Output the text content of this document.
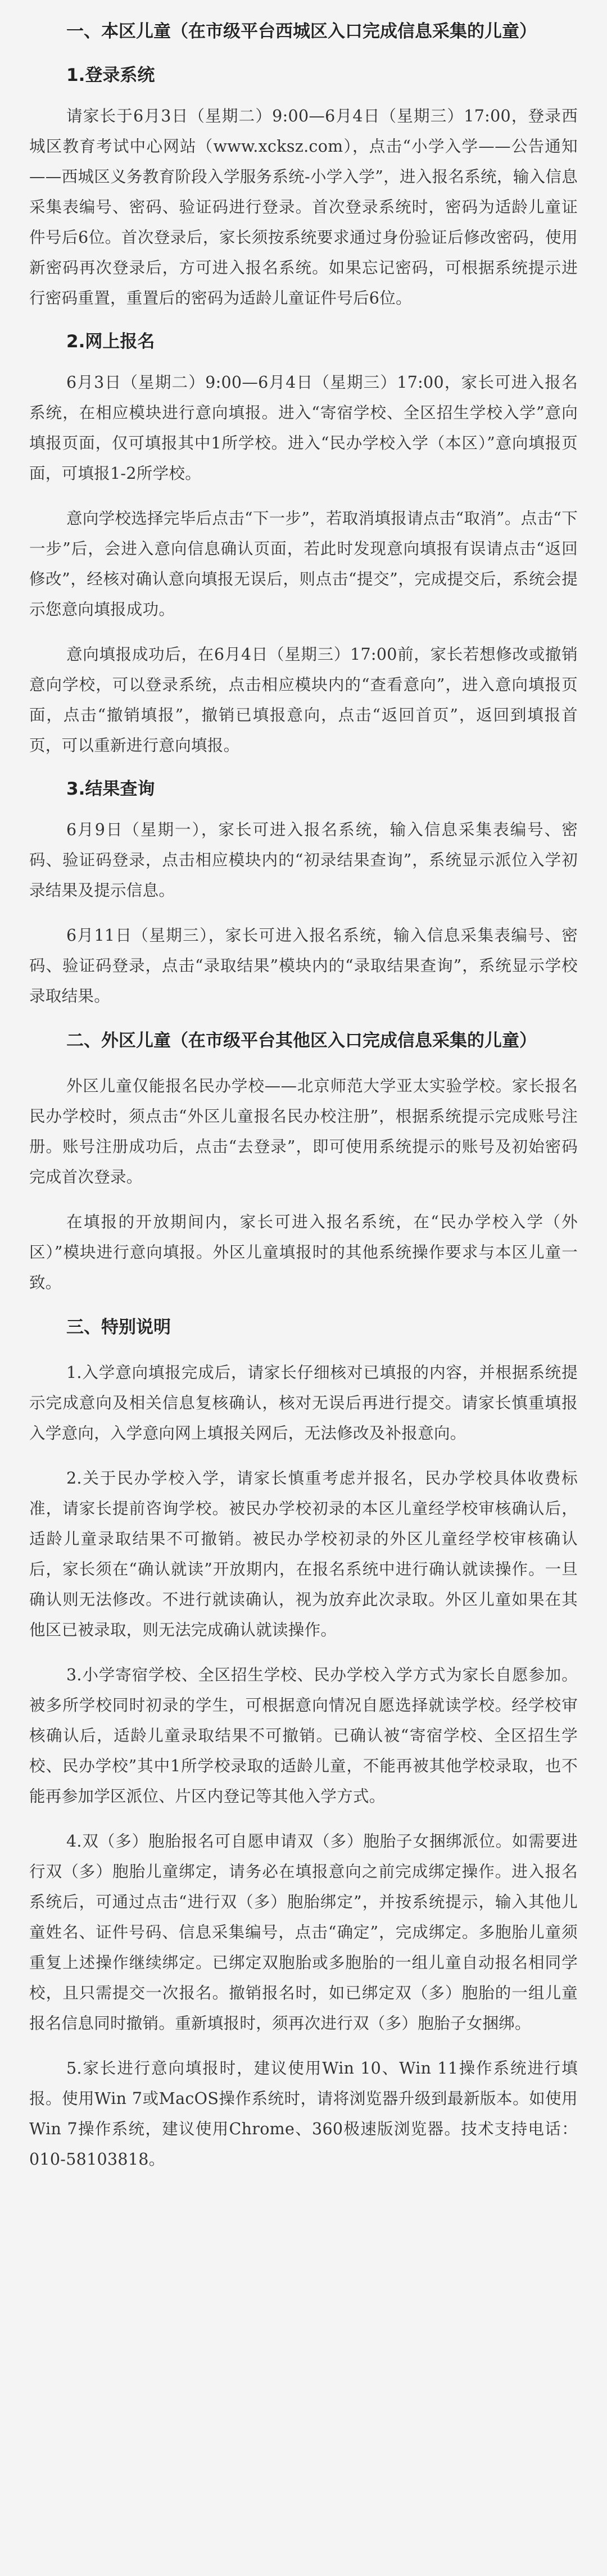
一、本区儿童（在市级平台西城区入口完成信息采集的儿童）
1.登录系统

请家长于6月3日（星期二）9:00—6月4日（星期三）17:00，登录西城区教育考试中心网站（www.xcksz.com），点击“小学入学——公告通知——西城区义务教育阶段入学服务系统-小学入学”，进入报名系统，输入信息采集表编号、密码、验证码进行登录。首次登录系统时，密码为适龄儿童证件号后6位。首次登录后，家长须按系统要求通过身份验证后修改密码，使用新密码再次登录后，方可进入报名系统。如果忘记密码，可根据系统提示进行密码重置，重置后的密码为适龄儿童证件号后6位。

2.网上报名

6月3日（星期二）9:00—6月4日（星期三）17:00，家长可进入报名系统，在相应模块进行意向填报。进入“寄宿学校、全区招生学校入学”意向填报页面，仅可填报其中1所学校。进入“民办学校入学（本区）”意向填报页面，可填报1-2所学校。

意向学校选择完毕后点击“下一步”，若取消填报请点击“取消”。点击“下一步”后，会进入意向信息确认页面，若此时发现意向填报有误请点击“返回修改”，经核对确认意向填报无误后，则点击“提交”，完成提交后，系统会提示您意向填报成功。

意向填报成功后，在6月4日（星期三）17:00前，家长若想修改或撤销意向学校，可以登录系统，点击相应模块内的“查看意向”，进入意向填报页面，点击“撤销填报”，撤销已填报意向，点击“返回首页”，返回到填报首页，可以重新进行意向填报。

3.结果查询

6月9日（星期一），家长可进入报名系统，输入信息采集表编号、密码、验证码登录，点击相应模块内的“初录结果查询”，系统显示派位入学初录结果及提示信息。

6月11日（星期三），家长可进入报名系统，输入信息采集表编号、密码、验证码登录，点击“录取结果”模块内的“录取结果查询”，系统显示学校录取结果。

二、外区儿童（在市级平台其他区入口完成信息采集的儿童）

外区儿童仅能报名民办学校——北京师范大学亚太实验学校。家长报名民办学校时，须点击“外区儿童报名民办校注册”，根据系统提示完成账号注册。账号注册成功后，点击“去登录”，即可使用系统提示的账号及初始密码完成首次登录。

在填报的开放期间内，家长可进入报名系统，在“民办学校入学（外区）”模块进行意向填报。外区儿童填报时的其他系统操作要求与本区儿童一致。

三、特别说明

1.入学意向填报完成后，请家长仔细核对已填报的内容，并根据系统提示完成意向及相关信息复核确认，核对无误后再进行提交。请家长慎重填报入学意向，入学意向网上填报关网后，无法修改及补报意向。

2.关于民办学校入学，请家长慎重考虑并报名，民办学校具体收费标准，请家长提前咨询学校。被民办学校初录的本区儿童经学校审核确认后，适龄儿童录取结果不可撤销。被民办学校初录的外区儿童经学校审核确认后，家长须在“确认就读”开放期内，在报名系统中进行确认就读操作。一旦确认则无法修改。不进行就读确认，视为放弃此次录取。外区儿童如果在其他区已被录取，则无法完成确认就读操作。

3.小学寄宿学校、全区招生学校、民办学校入学方式为家长自愿参加。被多所学校同时初录的学生，可根据意向情况自愿选择就读学校。经学校审核确认后，适龄儿童录取结果不可撤销。已确认被“寄宿学校、全区招生学校、民办学校”其中1所学校录取的适龄儿童，不能再被其他学校录取，也不能再参加学区派位、片区内登记等其他入学方式。

4.双（多）胞胎报名可自愿申请双（多）胞胎子女捆绑派位。如需要进行双（多）胞胎儿童绑定，请务必在填报意向之前完成绑定操作。进入报名系统后，可通过点击“进行双（多）胞胎绑定”，并按系统提示，输入其他儿童姓名、证件号码、信息采集编号，点击“确定”，完成绑定。多胞胎儿童须重复上述操作继续绑定。已绑定双胞胎或多胞胎的一组儿童自动报名相同学校，且只需提交一次报名。撤销报名时，如已绑定双（多）胞胎的一组儿童报名信息同时撤销。重新填报时，须再次进行双（多）胞胎子女捆绑。

5.家长进行意向填报时，建议使用Win 10、Win 11操作系统进行填报。使用Win 7或MacOS操作系统时，请将浏览器升级到最新版本。如使用Win 7操作系统，建议使用Chrome、360极速版浏览器。技术支持电话：010-58103818。
